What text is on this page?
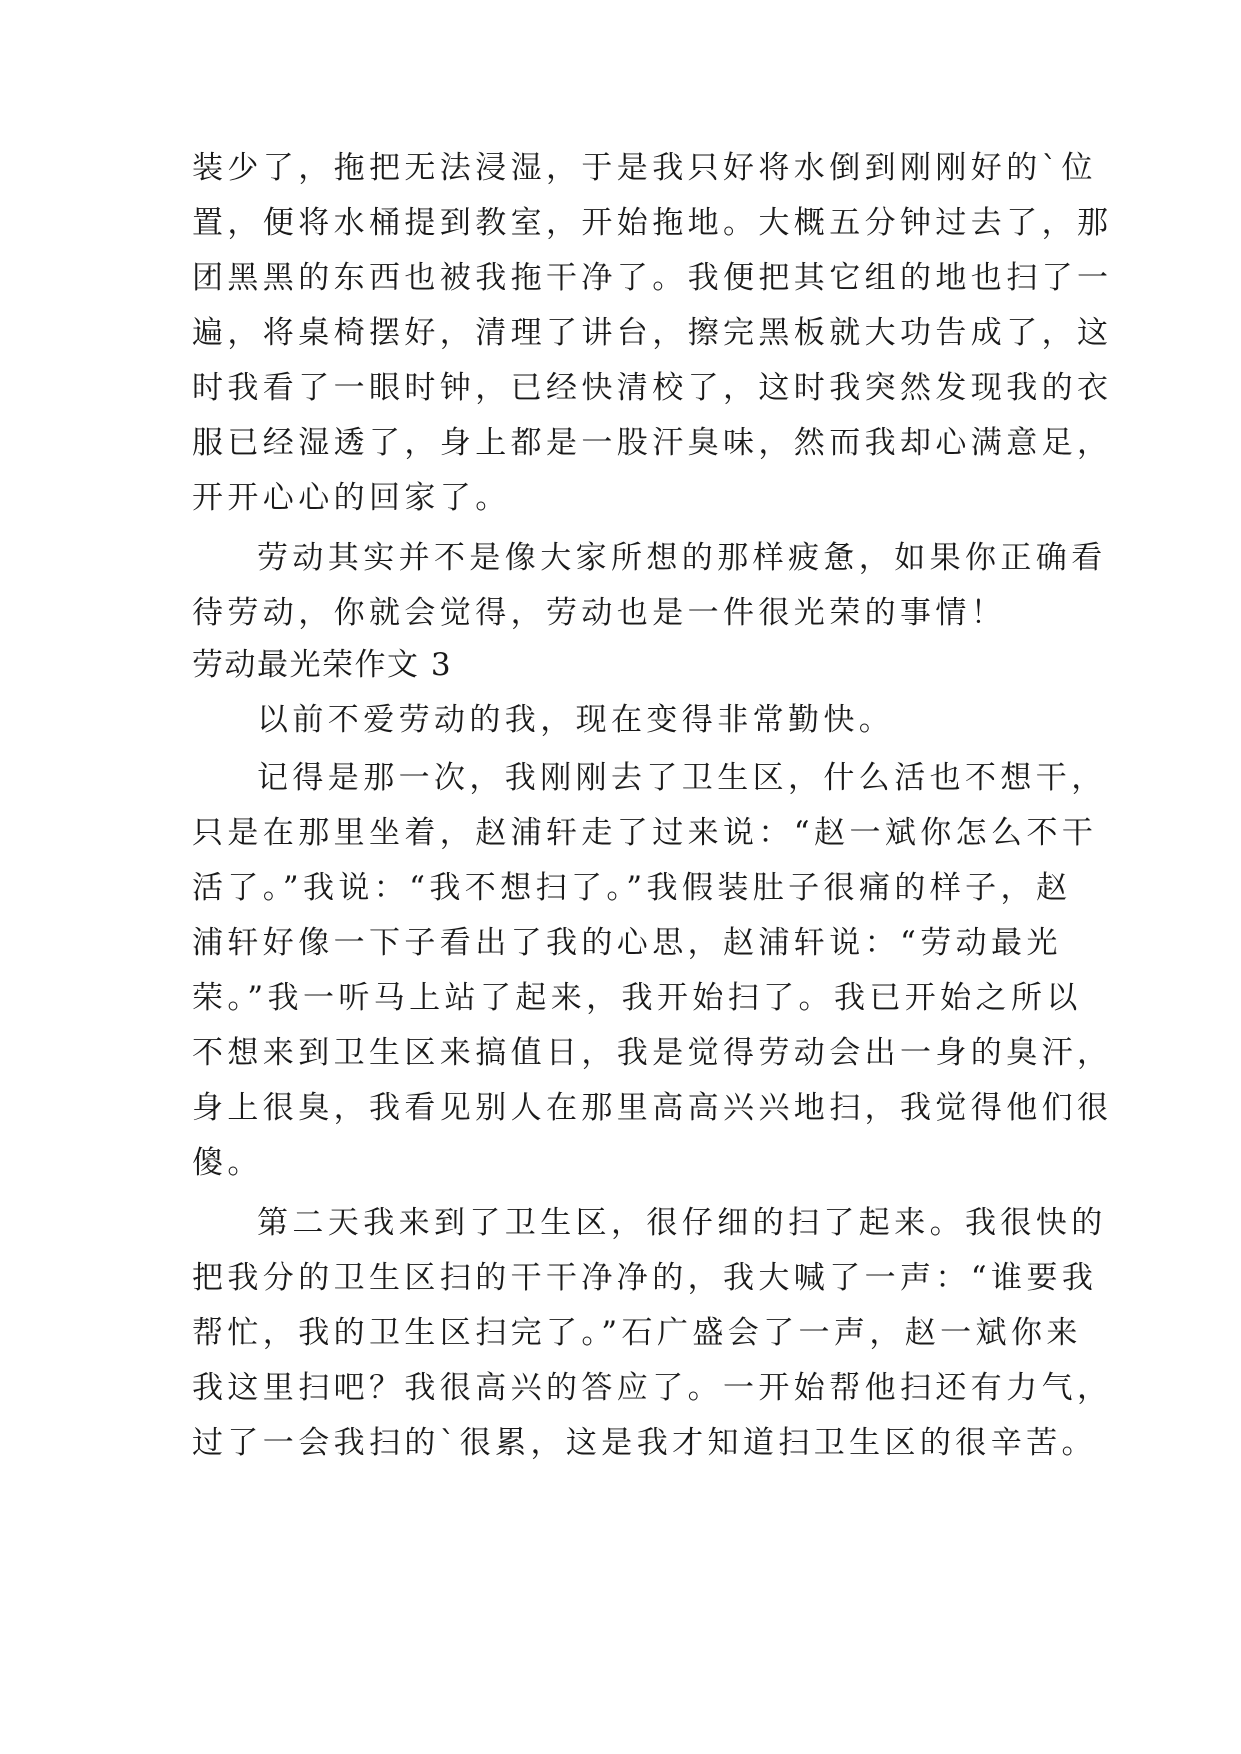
装少了，拖把无法浸湿，于是我只好将水倒到刚刚好的`位
置，便将水桶提到教室，开始拖地。大概五分钟过去了，那
团黑黑的东西也被我拖干净了。我便把其它组的地也扫了一
遍，将桌椅摆好，清理了讲台，擦完黑板就大功告成了，这
时我看了一眼时钟，已经快清校了，这时我突然发现我的衣
服已经湿透了，身上都是一股汗臭味，然而我却心满意足，
开开心心的回家了。
劳动其实并不是像大家所想的那样疲惫，如果你正确看
待劳动，你就会觉得，劳动也是一件很光荣的事情！
劳动最光荣作文 3
以前不爱劳动的我，现在变得非常勤快。
记得是那一次，我刚刚去了卫生区，什么活也不想干，
只是在那里坐着，赵浦轩走了过来说：“赵一斌你怎么不干
活了。”我说：“我不想扫了。”我假装肚子很痛的样子，赵
浦轩好像一下子看出了我的心思，赵浦轩说：“劳动最光
荣。”我一听马上站了起来，我开始扫了。我已开始之所以
不想来到卫生区来搞值日，我是觉得劳动会出一身的臭汗，
身上很臭，我看见别人在那里高高兴兴地扫，我觉得他们很
傻。
第二天我来到了卫生区，很仔细的扫了起来。我很快的
把我分的卫生区扫的干干净净的，我大喊了一声：“谁要我
帮忙，我的卫生区扫完了。”石广盛会了一声，赵一斌你来
我这里扫吧？我很高兴的答应了。一开始帮他扫还有力气，
过了一会我扫的`很累，这是我才知道扫卫生区的很辛苦。
